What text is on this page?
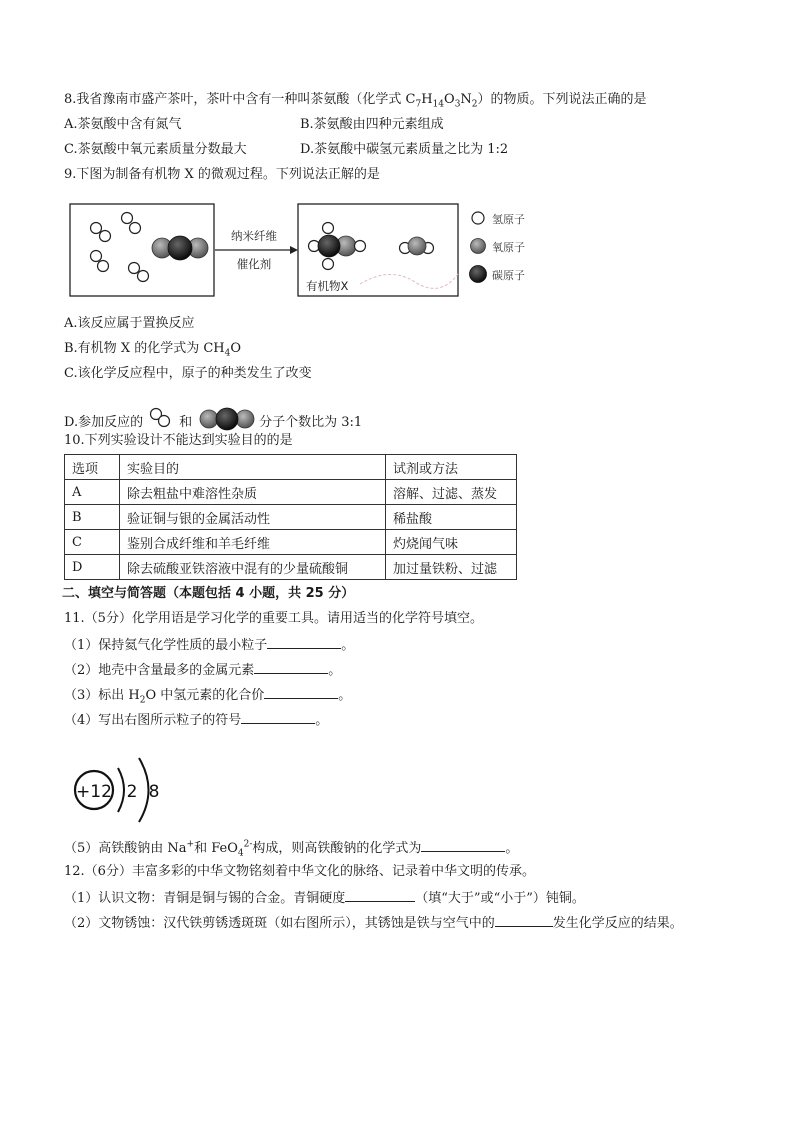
8.我省豫南市盛产茶叶，茶叶中含有一种叫茶氨酸（化学式 $C_7H_{14}O_3N_2$）的物质。下列说法正确的是
A.茶氨酸中含有氮气	B.茶氨酸由四种元素组成
C.茶氨酸中氧元素质量分数最大	D.茶氨酸中碳氢元素质量之比为 1:2
9.下图为制备有机物 X 的微观过程。下列说法正解的是
纳米纤维
催化剂
有机物X
氢原子
氧原子
碳原子
A.该反应属于置换反应
B.有机物 X 的化学式为 $CH_4O$
C.该化学反应程中，原子的种类发生了改变
D.参加反应的	和	分子个数比为 3:1
10.下列实验设计不能达到实验目的的是
选项	实验目的	试剂或方法
A	除去粗盐中难溶性杂质	溶解、过滤、蒸发
B	验证铜与银的金属活动性	稀盐酸
C	鉴别合成纤维和羊毛纤维	灼烧闻气味
D	除去硫酸亚铁溶液中混有的少量硫酸铜	加过量铁粉、过滤
二、填空与简答题（本题包括 4 小题，共 25 分）
11.（5分）化学用语是学习化学的重要工具。请用适当的化学符号填空。
（1）保持氦气化学性质的最小粒子	。
（2）地壳中含量最多的金属元素	。
（3）标出 $H_2O$ 中氢元素的化合价	。
（4）写出右图所示粒子的符号	。
+12 2 8
（5）高铁酸钠由 Na+和 FeO$_4^{2-}$构成，则高铁酸钠的化学式为	。
12.（6分）丰富多彩的中华文物铭刻着中华文化的脉络、记录着中华文明的传承。
（1）认识文物：青铜是铜与锡的合金。青铜硬度	（填“大于”或“小于”）钝铜。
（2）文物锈蚀：汉代铁剪锈透斑斑（如右图所示），其锈蚀是铁与空气中的	发生化学反应的结果。
